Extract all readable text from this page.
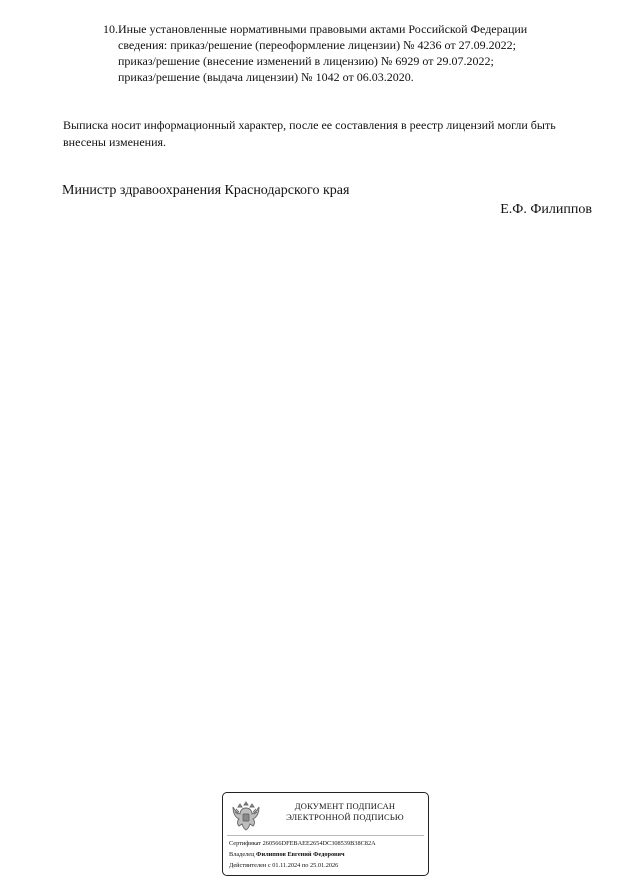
10. Иные установленные нормативными правовыми актами Российской Федерации
сведения: приказ/решение (переоформление лицензии) № 4236 от 27.09.2022;
приказ/решение (внесение изменений в лицензию) № 6929 от 29.07.2022;
приказ/решение (выдача лицензии) № 1042 от 06.03.2020.
Выписка носит информационный характер, после ее составления в реестр лицензий могли быть внесены изменения.
Министр здравоохранения Краснодарского края
Е.Ф. Филиппов
ДОКУМЕНТ ПОДПИСАН
ЭЛЕКТРОННОЙ ПОДПИСЬЮ
Сертификат 260566DFEBAEE2654DC308539B38C82A
Владелец Филиппов Евгений Федорович
Действителен с 01.11.2024 по 25.01.2026
